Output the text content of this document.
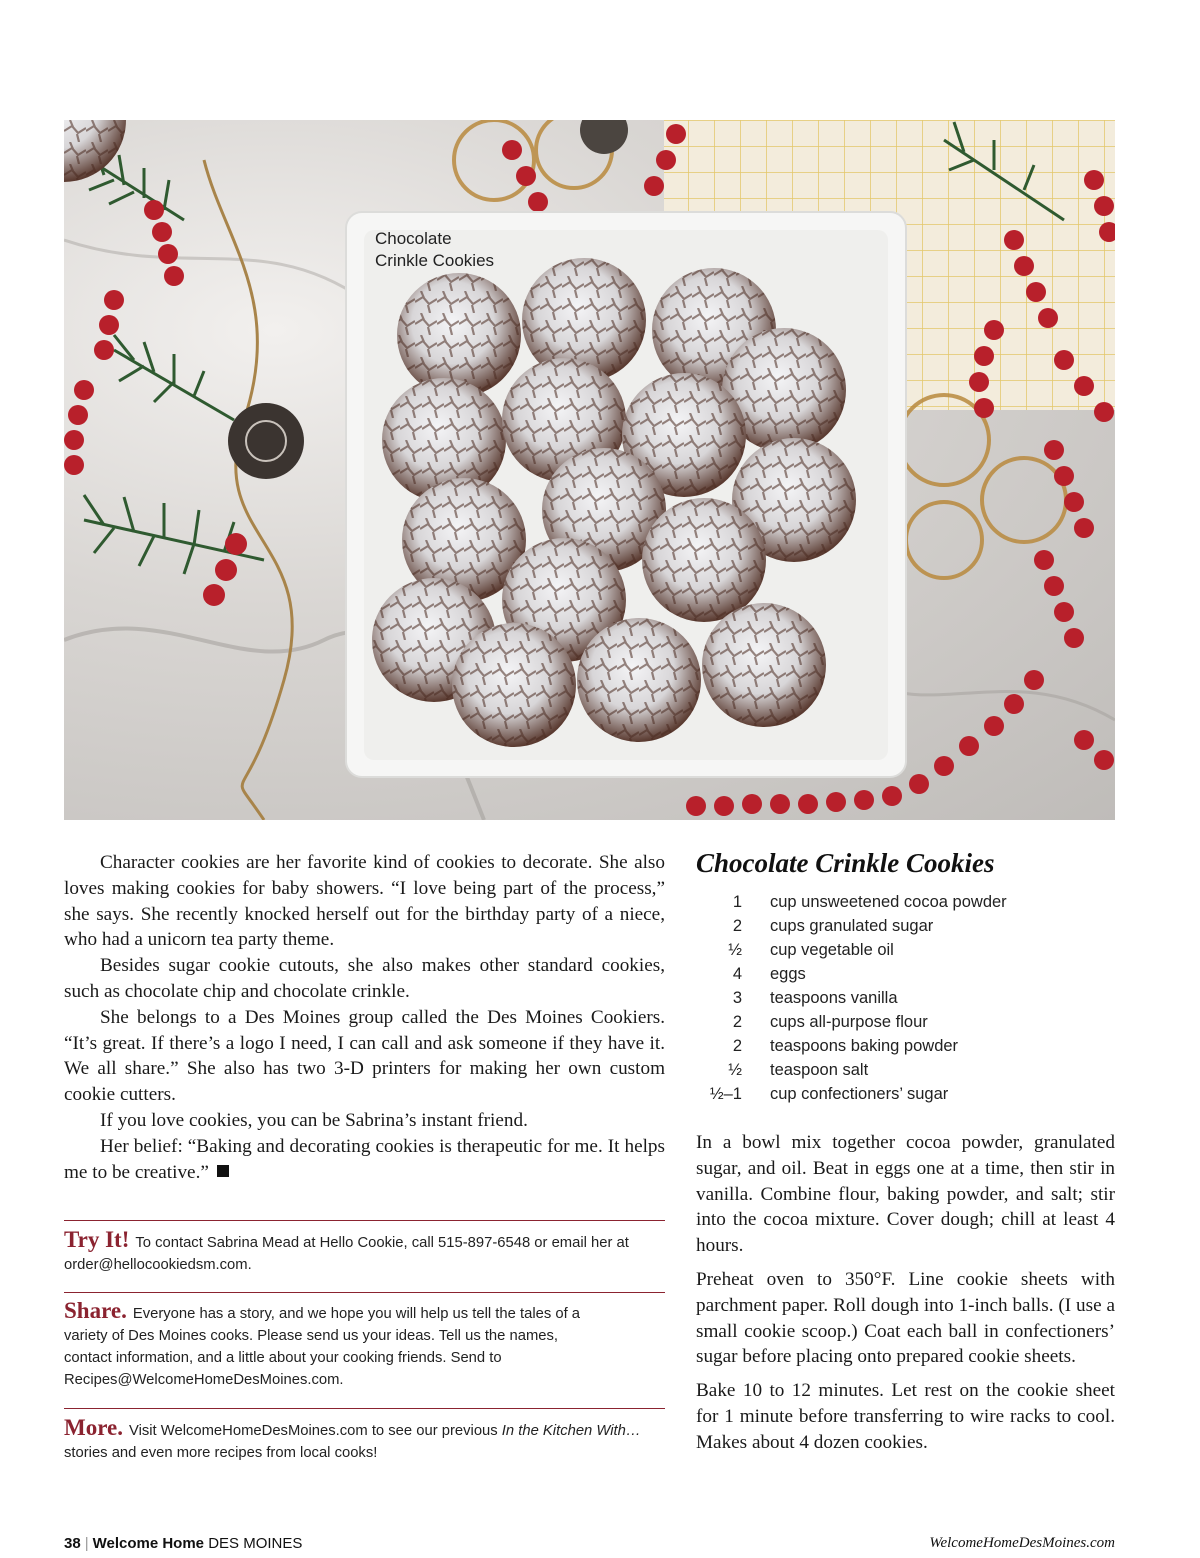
Chocolate Crinkle Cookies

Character cookies are her favorite kind of cookies to decorate. She also loves making cookies for baby showers. “I love being part of the process,” she says. She recently knocked herself out for the birthday party of a niece, who had a unicorn tea party theme.

Besides sugar cookie cutouts, she also makes other standard cookies, such as chocolate chip and chocolate crinkle.

She belongs to a Des Moines group called the Des Moines Cookiers. “It’s great. If there’s a logo I need, I can call and ask someone if they have it. We all share.” She also has two 3-D printers for making her own custom cookie cutters.

If you love cookies, you can be Sabrina’s instant friend.

Her belief: “Baking and decorating cookies is therapeutic for me. It helps me to be creative.”

Try It! To contact Sabrina Mead at Hello Cookie, call 515-897-6548 or email her at order@hellocookiedsm.com.
Share. Everyone has a story, and we hope you will help us tell the tales of a variety of Des Moines cooks. Please send us your ideas. Tell us the names, contact information, and a little about your cooking friends. Send to Recipes@WelcomeHomeDesMoines.com.
More. Visit WelcomeHomeDesMoines.com to see our previous In the Kitchen With… stories and even more recipes from local cooks!
Chocolate Crinkle Cookies
1	cup unsweetened cocoa powder
2	cups granulated sugar
½	cup vegetable oil
4	eggs
3	teaspoons vanilla
2	cups all-purpose flour
2	teaspoons baking powder
½	teaspoon salt
½–1	cup confectioners’ sugar

In a bowl mix together cocoa powder, granulated sugar, and oil. Beat in eggs one at a time, then stir in vanilla. Combine flour, baking powder, and salt; stir into the cocoa mixture. Cover dough; chill at least 4 hours.

Preheat oven to 350°F. Line cookie sheets with parchment paper. Roll dough into 1-inch balls. (I use a small cookie scoop.) Coat each ball in confectioners’ sugar before placing onto prepared cookie sheets.

Bake 10 to 12 minutes. Let rest on the cookie sheet for 1 minute before transferring to wire racks to cool. Makes about 4 dozen cookies.

38 | Welcome Home DES MOINES	WelcomeHomeDesMoines.com
